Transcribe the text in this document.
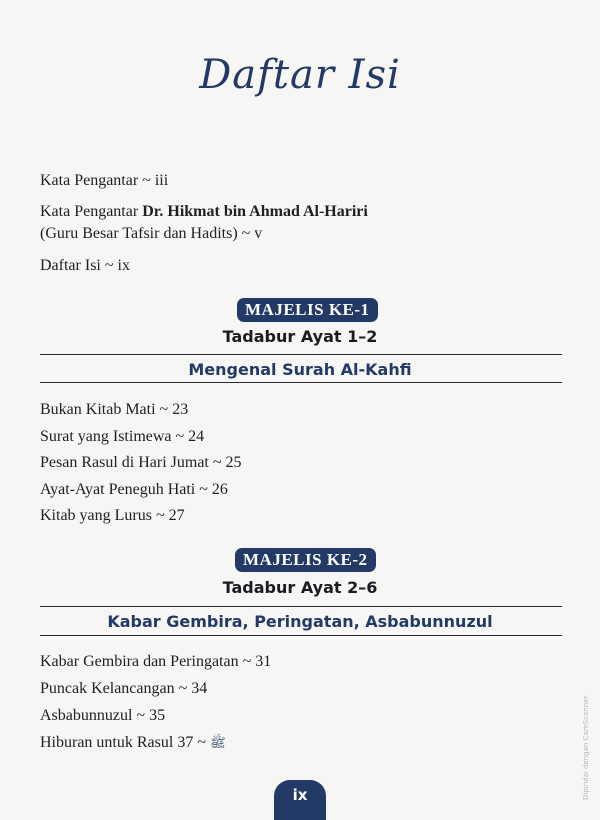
Daftar Isi
Kata Pengantar ~ iii
Kata Pengantar Dr. Hikmat bin Ahmad Al-Hariri
(Guru Besar Tafsir dan Hadits) ~ v
Daftar Isi ~ ix
MAJELIS KE-1
Tadabur Ayat 1–2
Mengenal Surah Al-Kahfi
Bukan Kitab Mati ~ 23
Surat yang Istimewa ~ 24
Pesan Rasul di Hari Jumat ~ 25
Ayat-Ayat Peneguh Hati ~ 26
Kitab yang Lurus ~ 27
MAJELIS KE-2
Tadabur Ayat 2–6
Kabar Gembira, Peringatan, Asbabunnuzul
Kabar Gembira dan Peringatan ~ 31
Puncak Kelancangan ~ 34
Asbabunnuzul ~ 35
Hiburan untuk Rasul	ﷺ ~ 37
ix	Dipindai dengan CamScanner
